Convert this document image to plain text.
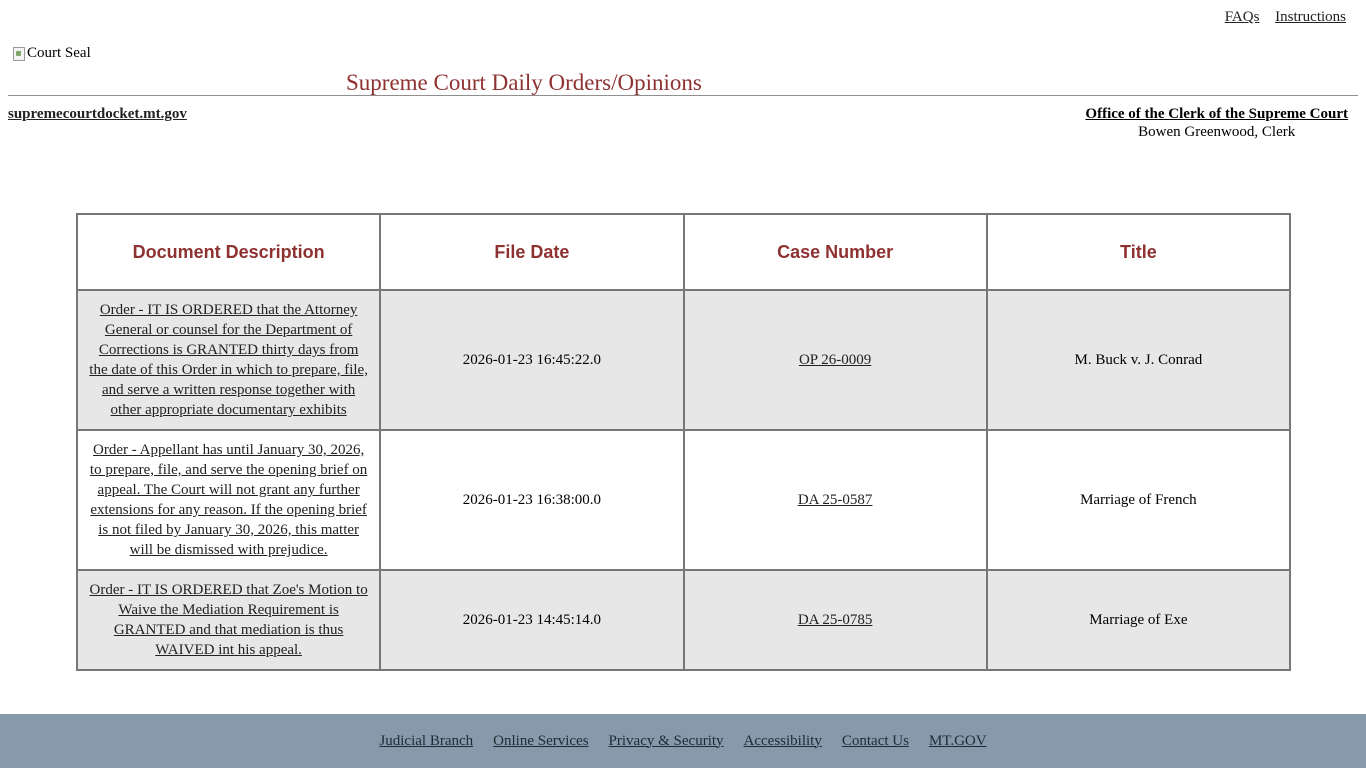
FAQs Instructions
Court Seal
Supreme Court Daily Orders/Opinions
supremecourtdocket.mt.gov	Office of the Clerk of the Supreme Court
Bowen Greenwood, Clerk
Document Description	File Date	Case Number	Title
Order - IT IS ORDERED that the Attorney General or counsel for the Department of Corrections is GRANTED thirty days from the date of this Order in which to prepare, file, and serve a written response together with other appropriate documentary exhibits	2026-01-23 16:45:22.0	OP 26-0009	M. Buck v. J. Conrad
Order - Appellant has until January 30, 2026, to prepare, file, and serve the opening brief on appeal. The Court will not grant any further extensions for any reason. If the opening brief is not filed by January 30, 2026, this matter will be dismissed with prejudice.	2026-01-23 16:38:00.0	DA 25-0587	Marriage of French
Order - IT IS ORDERED that Zoe's Motion to Waive the Mediation Requirement is GRANTED and that mediation is thus WAIVED int his appeal.	2026-01-23 14:45:14.0	DA 25-0785	Marriage of Exe
Judicial Branch Online Services Privacy & Security Accessibility Contact Us MT.GOV
